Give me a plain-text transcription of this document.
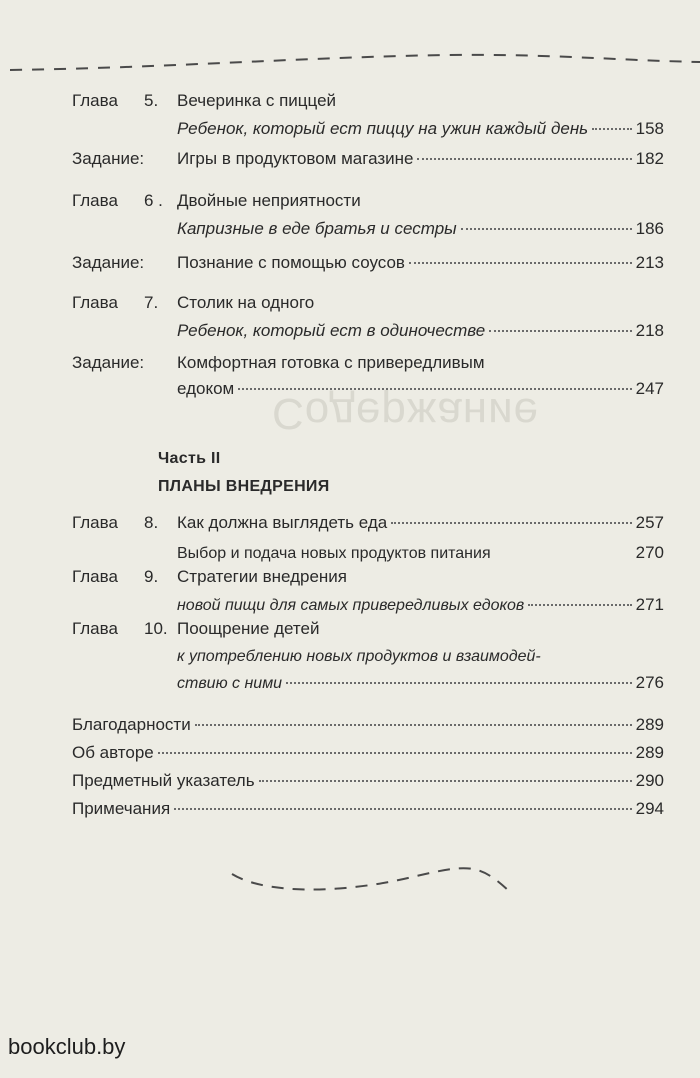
Содержание
Глава	5.	Вечеринка с пиццей
Ребенок, который ест пиццу на ужин каждый день	158
Задание:	Игры в продуктовом магазине	182
Глава	6 . Двойные неприятности
Капризные в еде братья и сестры	186
Задание:	Познание с помощью соусов	213
Глава	7.	Столик на одного
Ребенок, который ест в одиночестве	218
Задание:	Комфортная готовка с привередливым
едоком	247
Часть II
ПЛАНЫ ВНЕДРЕНИЯ
Глава	8.	Как должна выглядеть еда	257
Выбор и подача новых продуктов питания	270
Глава	9.	Стратегии внедрения
новой пищи для самых привередливых едоков	271
Глава	10. Поощрение детей
к употреблению новых продуктов и взаимодей-
ствию с ними	276
Благодарности	289
Об авторе	289
Предметный указатель	290
Примечания	294
bookclub.by
